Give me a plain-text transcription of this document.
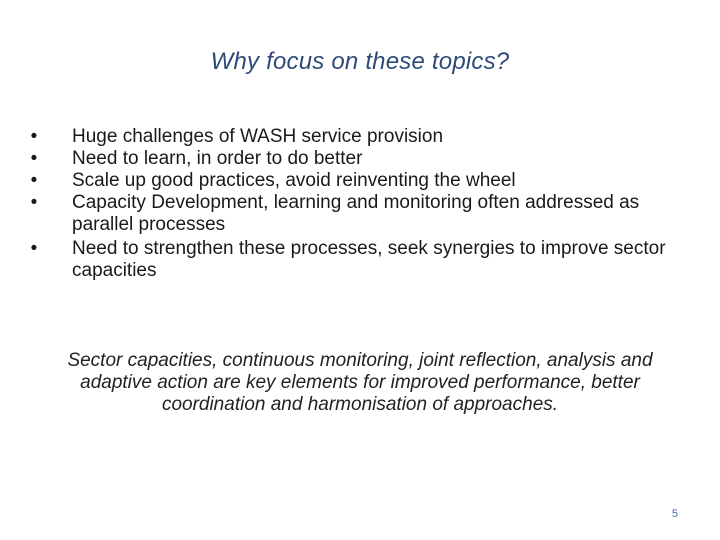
Why focus on these topics?
• Huge challenges of WASH service provision
• Need to learn, in order to do better
• Scale up good practices, avoid reinventing the wheel
• Capacity Development, learning and monitoring often addressed as parallel processes
• Need to strengthen these processes, seek synergies to improve sector capacities
Sector capacities, continuous monitoring, joint reflection, analysis and adaptive action are key elements for improved performance, better coordination and harmonisation of approaches.
5
